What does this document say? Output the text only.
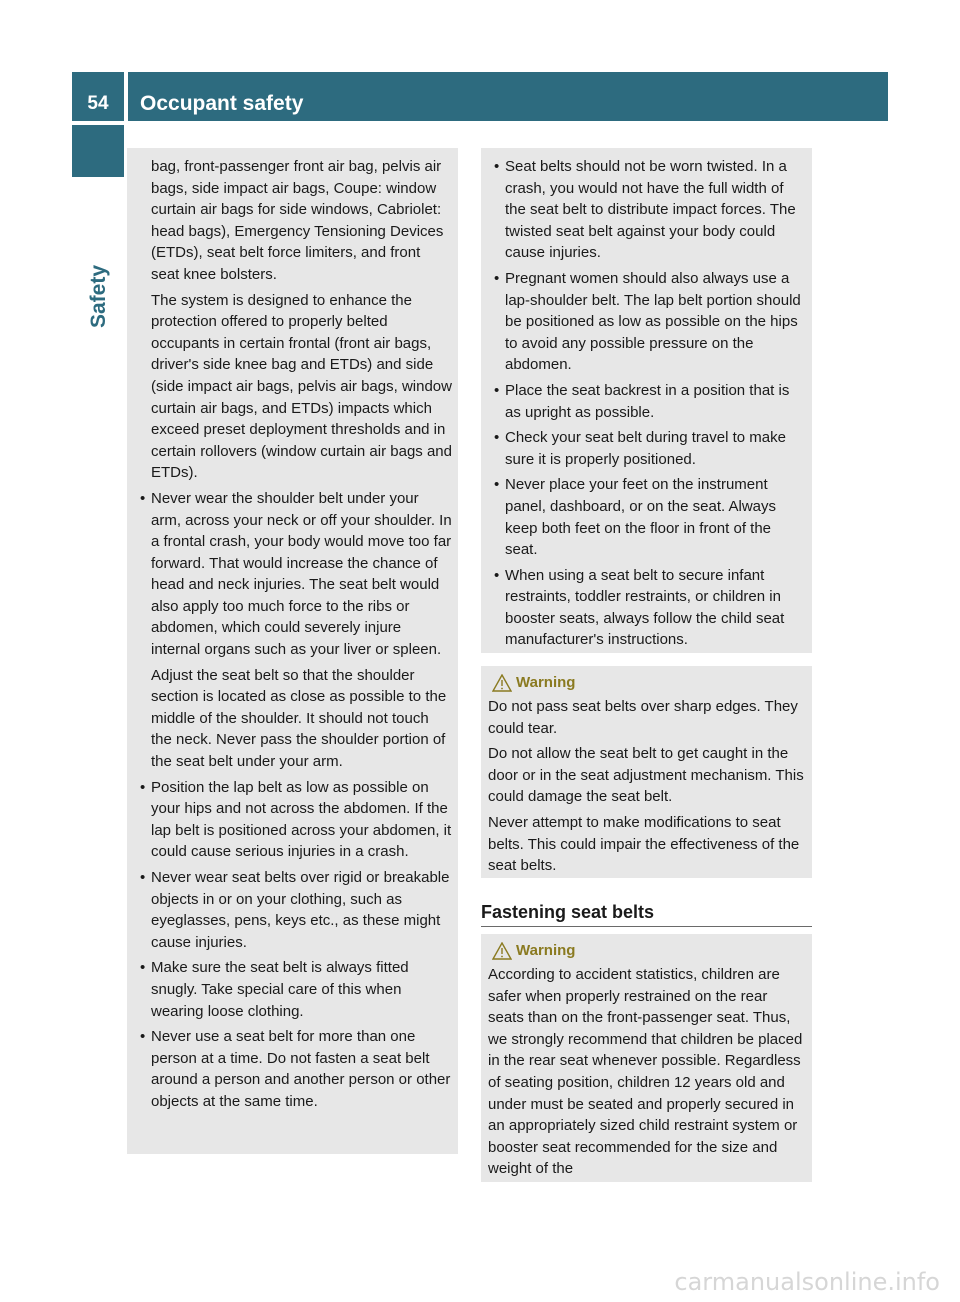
54	Occupant safety
Safety

bag, front-passenger front air bag, pelvis air bags, side impact air bags, Coupe: window curtain air bags for side windows, Cabriolet: head bags), Emergency Tensioning Devices (ETDs), seat belt force limiters, and front seat knee bolsters.

The system is designed to enhance the protection offered to properly belted occupants in certain frontal (front air bags, driver's side knee bag and ETDs) and side (side impact air bags, pelvis air bags, window curtain air bags, and ETDs) impacts which exceed preset deployment thresholds and in certain rollovers (window curtain air bags and ETDs).

• Never wear the shoulder belt under your arm, across your neck or off your shoulder. In a frontal crash, your body would move too far forward. That would increase the chance of head and neck injuries. The seat belt would also apply too much force to the ribs or abdomen, which could severely injure internal organs such as your liver or spleen.

Adjust the seat belt so that the shoulder section is located as close as possible to the middle of the shoulder. It should not touch the neck. Never pass the shoulder portion of the seat belt under your arm.

• Position the lap belt as low as possible on your hips and not across the abdomen. If the lap belt is positioned across your abdomen, it could cause serious injuries in a crash.

• Never wear seat belts over rigid or breakable objects in or on your clothing, such as eyeglasses, pens, keys etc., as these might cause injuries.

• Make sure the seat belt is always fitted snugly. Take special care of this when wearing loose clothing.

• Never use a seat belt for more than one person at a time. Do not fasten a seat belt around a person and another person or other objects at the same time.

• Seat belts should not be worn twisted. In a crash, you would not have the full width of the seat belt to distribute impact forces. The twisted seat belt against your body could cause injuries.

• Pregnant women should also always use a lap-shoulder belt. The lap belt portion should be positioned as low as possible on the hips to avoid any possible pressure on the abdomen.

• Place the seat backrest in a position that is as upright as possible.

• Check your seat belt during travel to make sure it is properly positioned.

• Never place your feet on the instrument panel, dashboard, or on the seat. Always keep both feet on the floor in front of the seat.

• When using a seat belt to secure infant restraints, toddler restraints, or children in booster seats, always follow the child seat manufacturer's instructions.

Warning

Do not pass seat belts over sharp edges. They could tear.

Do not allow the seat belt to get caught in the door or in the seat adjustment mechanism. This could damage the seat belt.

Never attempt to make modifications to seat belts. This could impair the effectiveness of the seat belts.

Fastening seat belts
Warning

According to accident statistics, children are safer when properly restrained on the rear seats than on the front-passenger seat. Thus, we strongly recommend that children be placed in the rear seat whenever possible. Regardless of seating position, children 12 years old and under must be seated and properly secured in an appropriately sized child restraint system or booster seat recommended for the size and weight of the

carmanualsonline.info
